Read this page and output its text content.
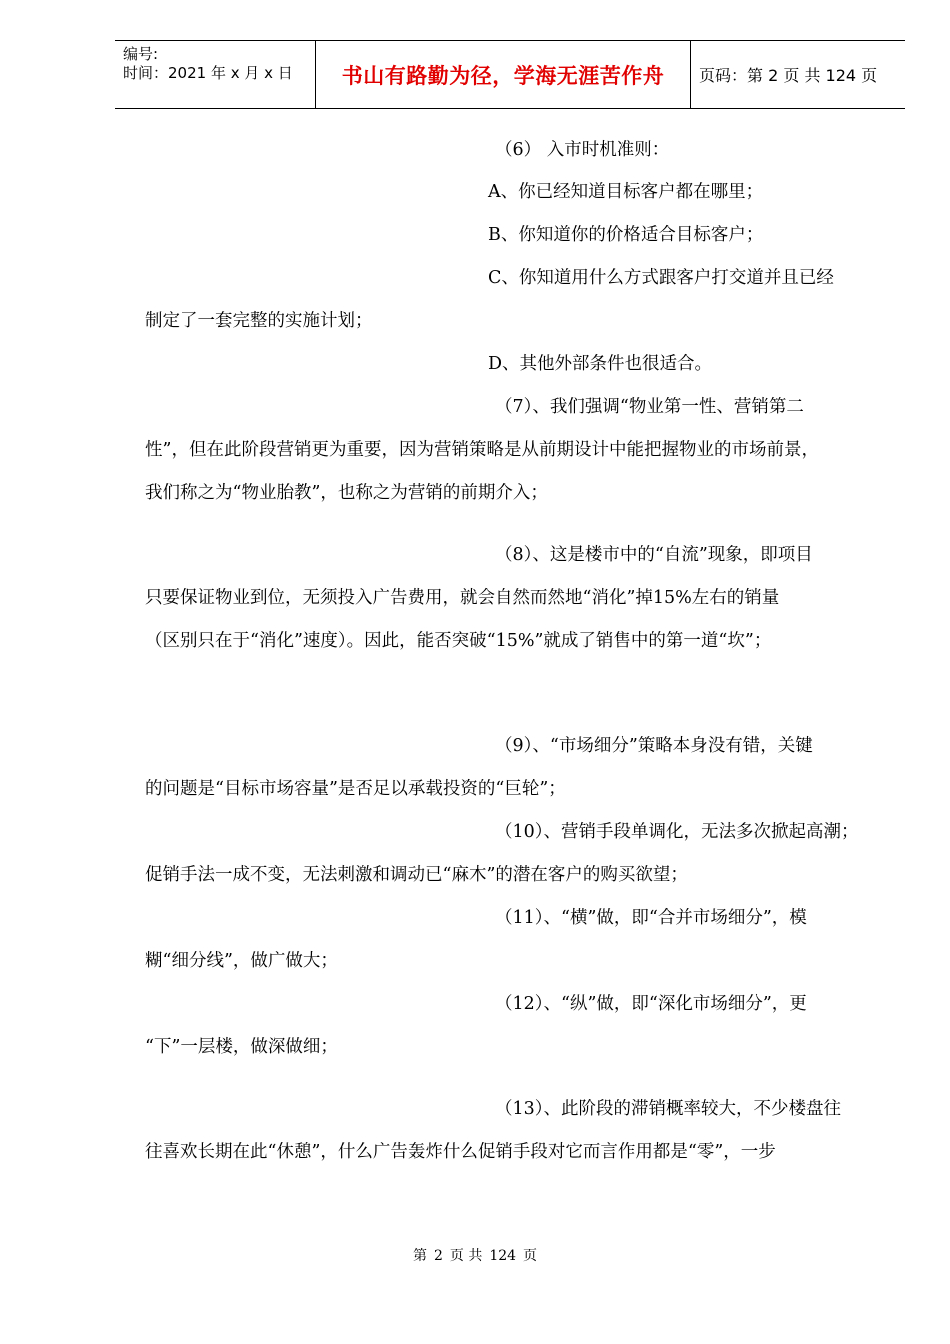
编号:
时间：2021 年 x 月 x 日 书山有路勤为径，学海无涯苦作舟 页码：第 2 页 共 124 页
（6） 入市时机准则：
A、你已经知道目标客户都在哪里；
B、你知道你的价格适合目标客户；
C、你知道用什么方式跟客户打交道并且已经
制定了一套完整的实施计划；
D、其他外部条件也很适合。
（7）、我们强调“物业第一性、营销第二
性”，但在此阶段营销更为重要，因为营销策略是从前期设计中能把握物业的市场前景，
我们称之为“物业胎教”，也称之为营销的前期介入；
（8）、这是楼市中的“自流”现象，即项目
只要保证物业到位，无须投入广告费用，就会自然而然地“消化”掉15%左右的销量
（区别只在于“消化”速度）。因此，能否突破“15%”就成了销售中的第一道“坎”；
（9）、“市场细分”策略本身没有错，关键
的问题是“目标市场容量”是否足以承载投资的“巨轮”；
（10）、营销手段单调化，无法多次掀起高潮；
促销手法一成不变，无法刺激和调动已“麻木”的潜在客户的购买欲望；
（11）、“横”做，即“合并市场细分”，模
糊“细分线”，做广做大；
（12）、“纵”做，即“深化市场细分”，更
“下”一层楼，做深做细；
（13）、此阶段的滞销概率较大，不少楼盘往
往喜欢长期在此“休憩”，什么广告轰炸什么促销手段对它而言作用都是“零”，一步
第 2 页 共 124 页
